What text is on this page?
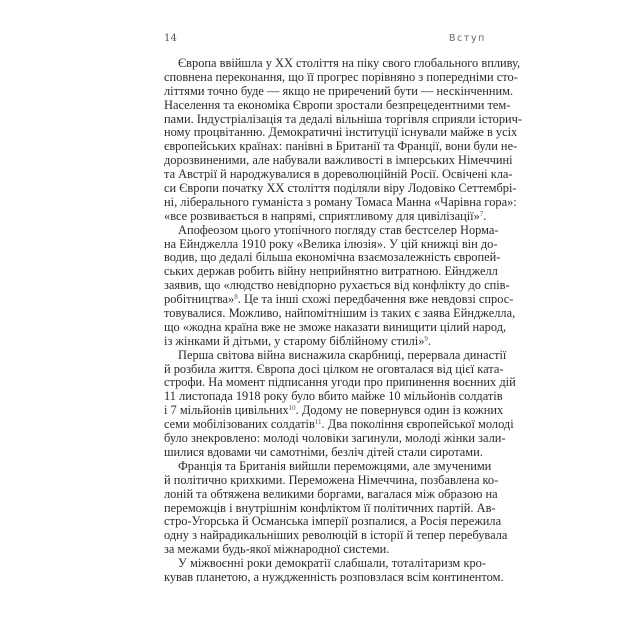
14	Вступ
Європа ввійшла у XX століття на піку свого глобального впливу,
сповнена переконання, що її прогрес порівняно з попередніми сто-
літтями точно буде — якщо не приречений бути — нескінченним.
Населення та економіка Європи зростали безпрецедентними тем-
пами. Індустріалізація та дедалі вільніша торгівля сприяли історич-
ному процвітанню. Демократичні інституції існували майже в усіх
європейських країнах: панівні в Британії та Франції, вони були не-
дорозвиненими, але набували важливості в імперських Німеччині
та Австрії й народжувалися в дореволюційній Росії. Освічені кла-
си Європи початку XX століття поділяли віру Лодовіко Сеттембрі-
ні, ліберального гуманіста з роману Томаса Манна «Чарівна гора»:
«все розвивається в напрямі, сприятливому для цивілізації»$^7$.
Апофеозом цього утопічного погляду став бестселер Норма-
на Ейнджелла 1910 року «Велика ілюзія». У цій книжці він до-
водив, що дедалі більша економічна взаємозалежність європей-
ських держав робить війну неприйнятно витратною. Ейнджелл
заявив, що «людство невідпорно рухається від конфлікту до спів-
робітництва»$^8$. Це та інші схожі передбачення вже невдовзі спрос-
товувалися. Можливо, найпомітнішим із таких є заява Ейнджелла,
що «жодна країна вже не зможе наказати винищити цілий народ,
із жінками й дітьми, у старому біблійному стилі»$^9$.
Перша світова війна виснажила скарбниці, перервала династії
й розбила життя. Європа досі цілком не оговталася від цієї ката-
строфи. На момент підписання угоди про припинення воєнних дій
11 листопада 1918 року було вбито майже 10 мільйонів солдатів
і 7 мільйонів цивільних$^{10}$. Додому не повернувся один із кожних
семи мобілізованих солдатів$^{11}$. Два покоління європейської молоді
було знекровлено: молоді чоловіки загинули, молоді жінки зали-
шилися вдовами чи самотніми, безліч дітей стали сиротами.
Франція та Британія вийшли переможцями, але змученими
й політично крихкими. Переможена Німеччина, позбавлена ко-
лоній та обтяжена великими боргами, вагалася між образою на
переможців і внутрішнім конфліктом її політичних партій. Ав-
стро-Угорська й Османська імперії розпалися, а Росія пережила
одну з найрадикальніших революцій в історії й тепер перебувала
за межами будь-якої міжнародної системи.
У міжвоєнні роки демократії слабшали, тоталітаризм кро-
кував планетою, а нуждженність розповзлася всім континентом.
